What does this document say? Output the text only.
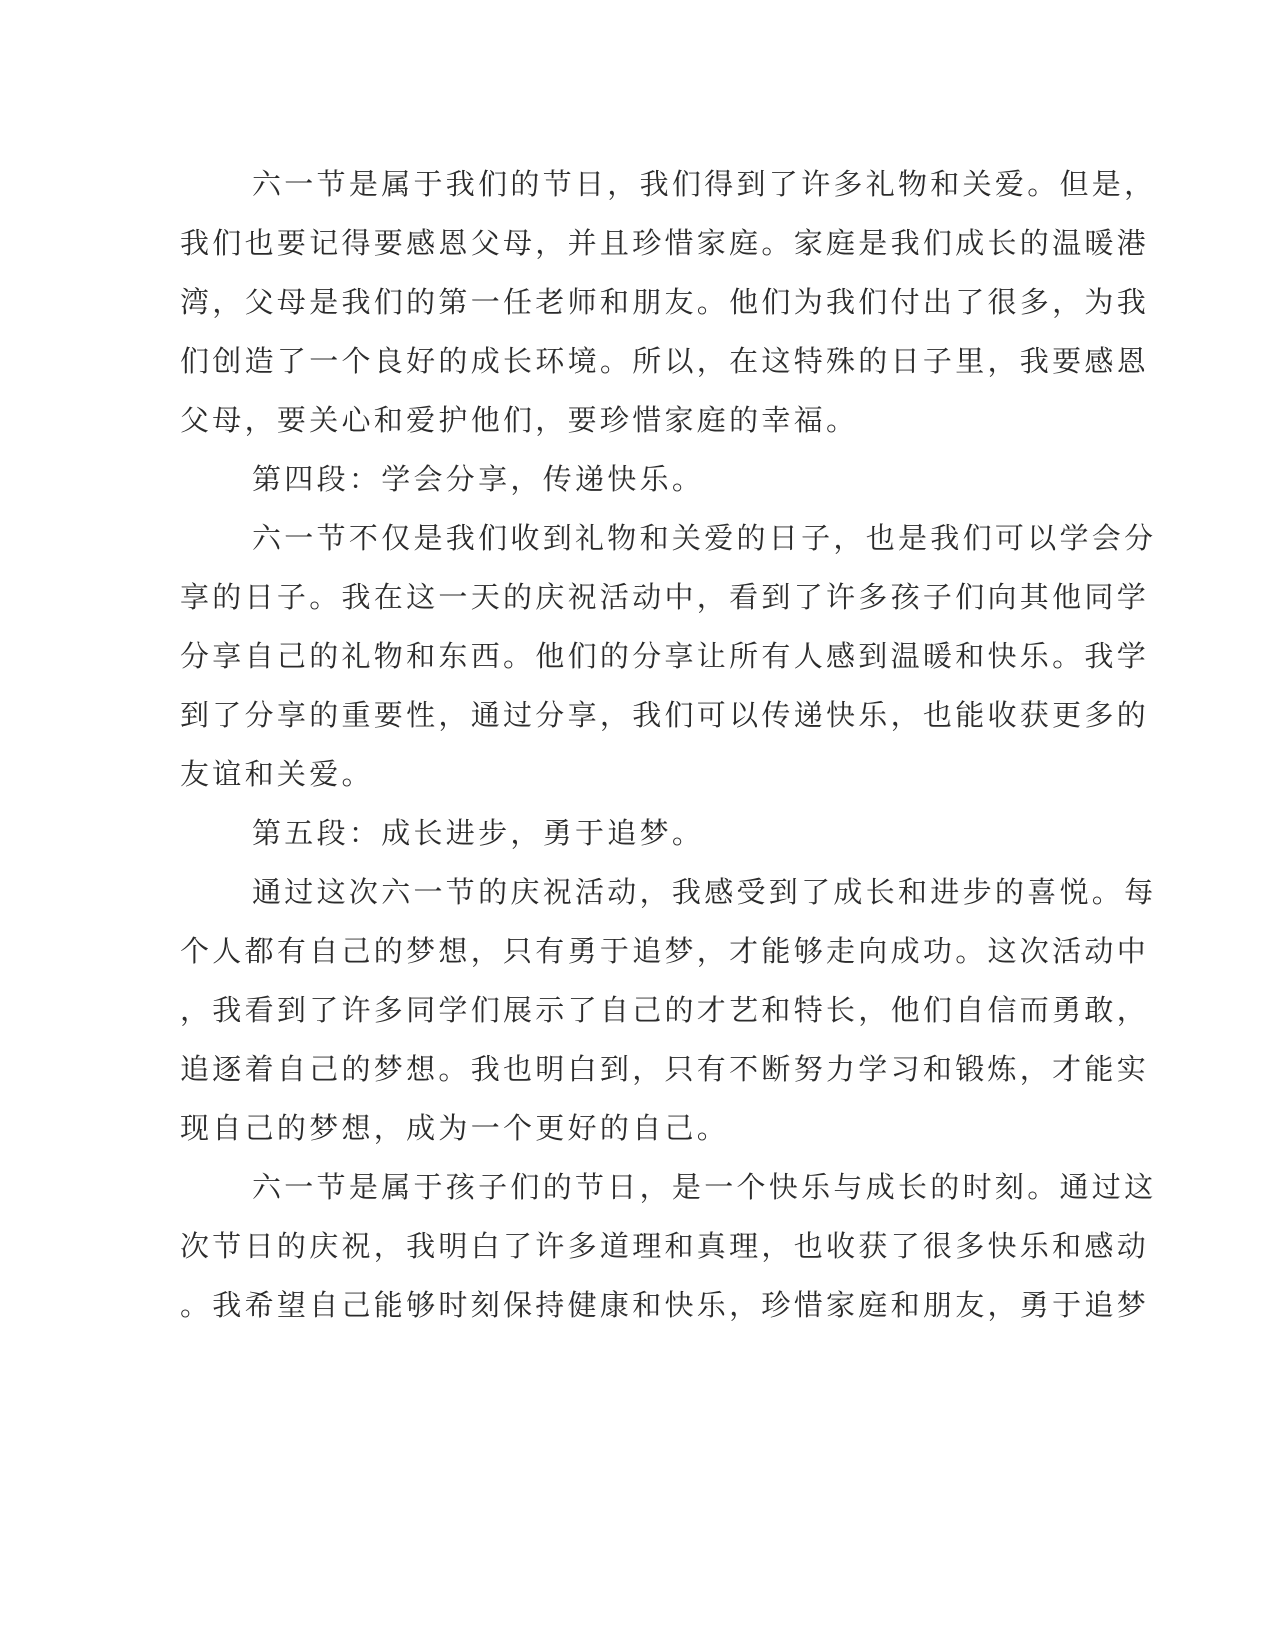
六一节是属于我们的节日，我们得到了许多礼物和关爱。但是，
我们也要记得要感恩父母，并且珍惜家庭。家庭是我们成长的温暖港
湾，父母是我们的第一任老师和朋友。他们为我们付出了很多，为我
们创造了一个良好的成长环境。所以，在这特殊的日子里，我要感恩
父母，要关心和爱护他们，要珍惜家庭的幸福。
第四段：学会分享，传递快乐。
六一节不仅是我们收到礼物和关爱的日子，也是我们可以学会分
享的日子。我在这一天的庆祝活动中，看到了许多孩子们向其他同学
分享自己的礼物和东西。他们的分享让所有人感到温暖和快乐。我学
到了分享的重要性，通过分享，我们可以传递快乐，也能收获更多的
友谊和关爱。
第五段：成长进步，勇于追梦。
通过这次六一节的庆祝活动，我感受到了成长和进步的喜悦。每
个人都有自己的梦想，只有勇于追梦，才能够走向成功。这次活动中
，我看到了许多同学们展示了自己的才艺和特长，他们自信而勇敢，
追逐着自己的梦想。我也明白到，只有不断努力学习和锻炼，才能实
现自己的梦想，成为一个更好的自己。
六一节是属于孩子们的节日，是一个快乐与成长的时刻。通过这
次节日的庆祝，我明白了许多道理和真理，也收获了很多快乐和感动
。我希望自己能够时刻保持健康和快乐，珍惜家庭和朋友，勇于追梦
